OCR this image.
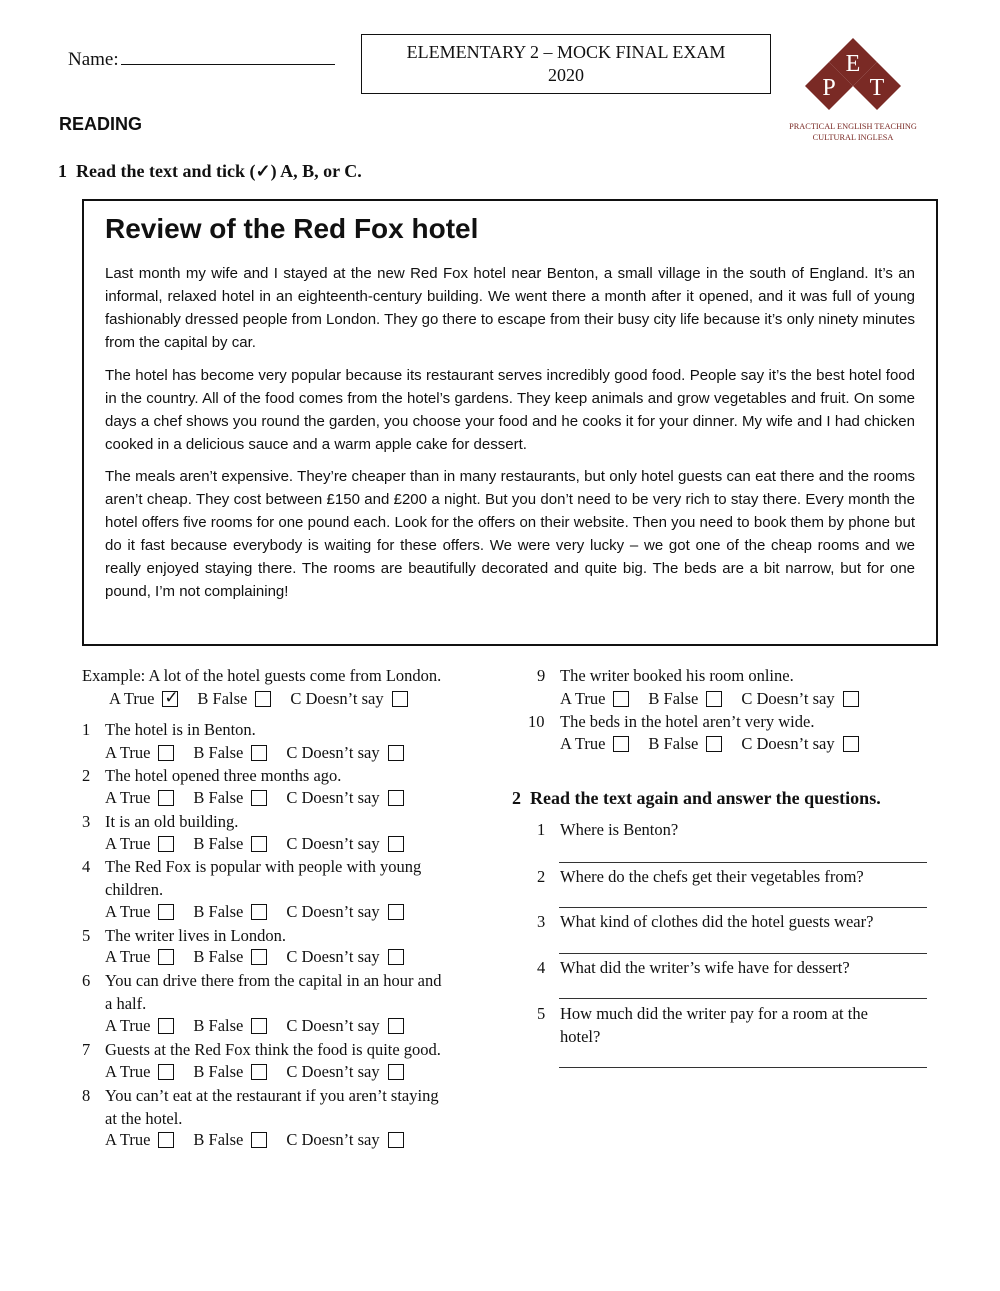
Name:	ELEMENTARY 2 – MOCK FINAL EXAM
2020	E
P T
PRACTICAL ENGLISH TEACHING
CULTURAL INGLESA
READING
1 Read the text and tick (✓) A, B, or C.
Review of the Red Fox hotel
Last month my wife and I stayed at the new Red Fox hotel near Benton, a small village in the south of England. It’s an informal, relaxed hotel in an eighteenth-century building. We went there a month after it opened, and it was full of young fashionably dressed people from London. They go there to escape from their busy city life because it’s only ninety minutes from the capital by car.
The hotel has become very popular because its restaurant serves incredibly good food. People say it’s the best hotel food in the country. All of the food comes from the hotel’s gardens. They keep animals and grow vegetables and fruit. On some days a chef shows you round the garden, you choose your food and he cooks it for your dinner. My wife and I had chicken cooked in a delicious sauce and a warm apple cake for dessert.
The meals aren’t expensive. They’re cheaper than in many restaurants, but only hotel guests can eat there and the rooms aren’t cheap. They cost between £150 and £200 a night. But you don’t need to be very rich to stay there. Every month the hotel offers five rooms for one pound each. Look for the offers on their website. Then you need to book them by phone but do it fast because everybody is waiting for these offers. We were very lucky – we got one of the cheap rooms and we really enjoyed staying there. The rooms are beautifully decorated and quite big. The beds are a bit narrow, but for one pound, I’m not complaining!
Example: A lot of the hotel guests come from London.
A True✓	B False	C Doesn’t say
1 The hotel is in Benton.
A True	B False	C Doesn’t say
2 The hotel opened three months ago.
A True	B False	C Doesn’t say
3 It is an old building.
A True	B False	C Doesn’t say
4 The Red Fox is popular with people with young
children.
A True	B False	C Doesn’t say
5 The writer lives in London.
A True	B False	C Doesn’t say
6 You can drive there from the capital in an hour and
a half.
A True	B False	C Doesn’t say
7 Guests at the Red Fox think the food is quite good.
A True	B False	C Doesn’t say
8 You can’t eat at the restaurant if you aren’t staying
at the hotel.
A True	B False	C Doesn’t say
9 The writer booked his room online.
A True	B False	C Doesn’t say
10 The beds in the hotel aren’t very wide.
A True	B False	C Doesn’t say
2 Read the text again and answer the questions.
1 Where is Benton?
2 Where do the chefs get their vegetables from?
3 What kind of clothes did the hotel guests wear?
4 What did the writer’s wife have for dessert?
5 How much did the writer pay for a room at the
hotel?
